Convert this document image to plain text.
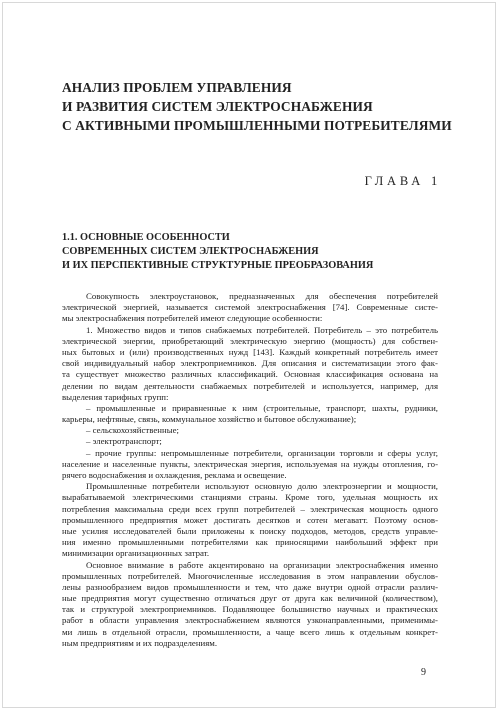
АНАЛИЗ ПРОБЛЕМ УПРАВЛЕНИЯ
И РАЗВИТИЯ СИСТЕМ ЭЛЕКТРОСНАБЖЕНИЯ
С АКТИВНЫМИ ПРОМЫШЛЕННЫМИ ПОТРЕБИТЕЛЯМИ
ГЛАВА 1
1.1. ОСНОВНЫЕ ОСОБЕННОСТИ
СОВРЕМЕННЫХ СИСТЕМ ЭЛЕКТРОСНАБЖЕНИЯ
И ИХ ПЕРСПЕКТИВНЫЕ СТРУКТУРНЫЕ ПРЕОБРАЗОВАНИЯ
Совокупность электроустановок, предназначенных для обеспечения потребителей
электрической энергией, называется системой электроснабжения [74]. Современные систе-
мы электроснабжения потребителей имеют следующие особенности:
1. Множество видов и типов снабжаемых потребителей. Потребитель – это потребитель
электрической энергии, приобретающий электрическую энергию (мощность) для собствен-
ных бытовых и (или) производственных нужд [143]. Каждый конкретный потребитель имеет
свой индивидуальный набор электроприемников. Для описания и систематизации этого фак-
та существует множество различных классификаций. Основная классификация основана на
делении по видам деятельности снабжаемых потребителей и используется, например, для
выделения тарифных групп:
– промышленные и приравненные к ним (строительные, транспорт, шахты, рудники,
карьеры, нефтяные, связь, коммунальное хозяйство и бытовое обслуживание);
– сельскохозяйственные;
– электротранспорт;
– прочие группы: непромышленные потребители, организации торговли и сферы услуг,
население и населенные пункты, электрическая энергия, используемая на нужды отопления, го-
рячего водоснабжения и охлаждения, реклама и освещение.
Промышленные потребители используют основную долю электроэнергии и мощности,
вырабатываемой электрическими станциями страны. Кроме того, удельная мощность их
потребления максимальна среди всех групп потребителей – электрическая мощность одного
промышленного предприятия может достигать десятков и сотен мегаватт. Поэтому основ-
ные усилия исследователей были приложены к поиску подходов, методов, средств управле-
ния именно промышленными потребителями как приносящими наибольший эффект при
минимизации организационных затрат.
Основное внимание в работе акцентировано на организации электроснабжения именно
промышленных потребителей. Многочисленные исследования в этом направлении обуслов-
лены разнообразием видов промышленности и тем, что даже внутри одной отрасли различ-
ные предприятия могут существенно отличаться друг от друга как величиной (количеством),
так и структурой электроприемников. Подавляющее большинство научных и практических
работ в области управления электроснабжением являются узконаправленными, применимы-
ми лишь в отдельной отрасли, промышленности, а чаще всего лишь к отдельным конкрет-
ным предприятиям и их подразделениям.
9
